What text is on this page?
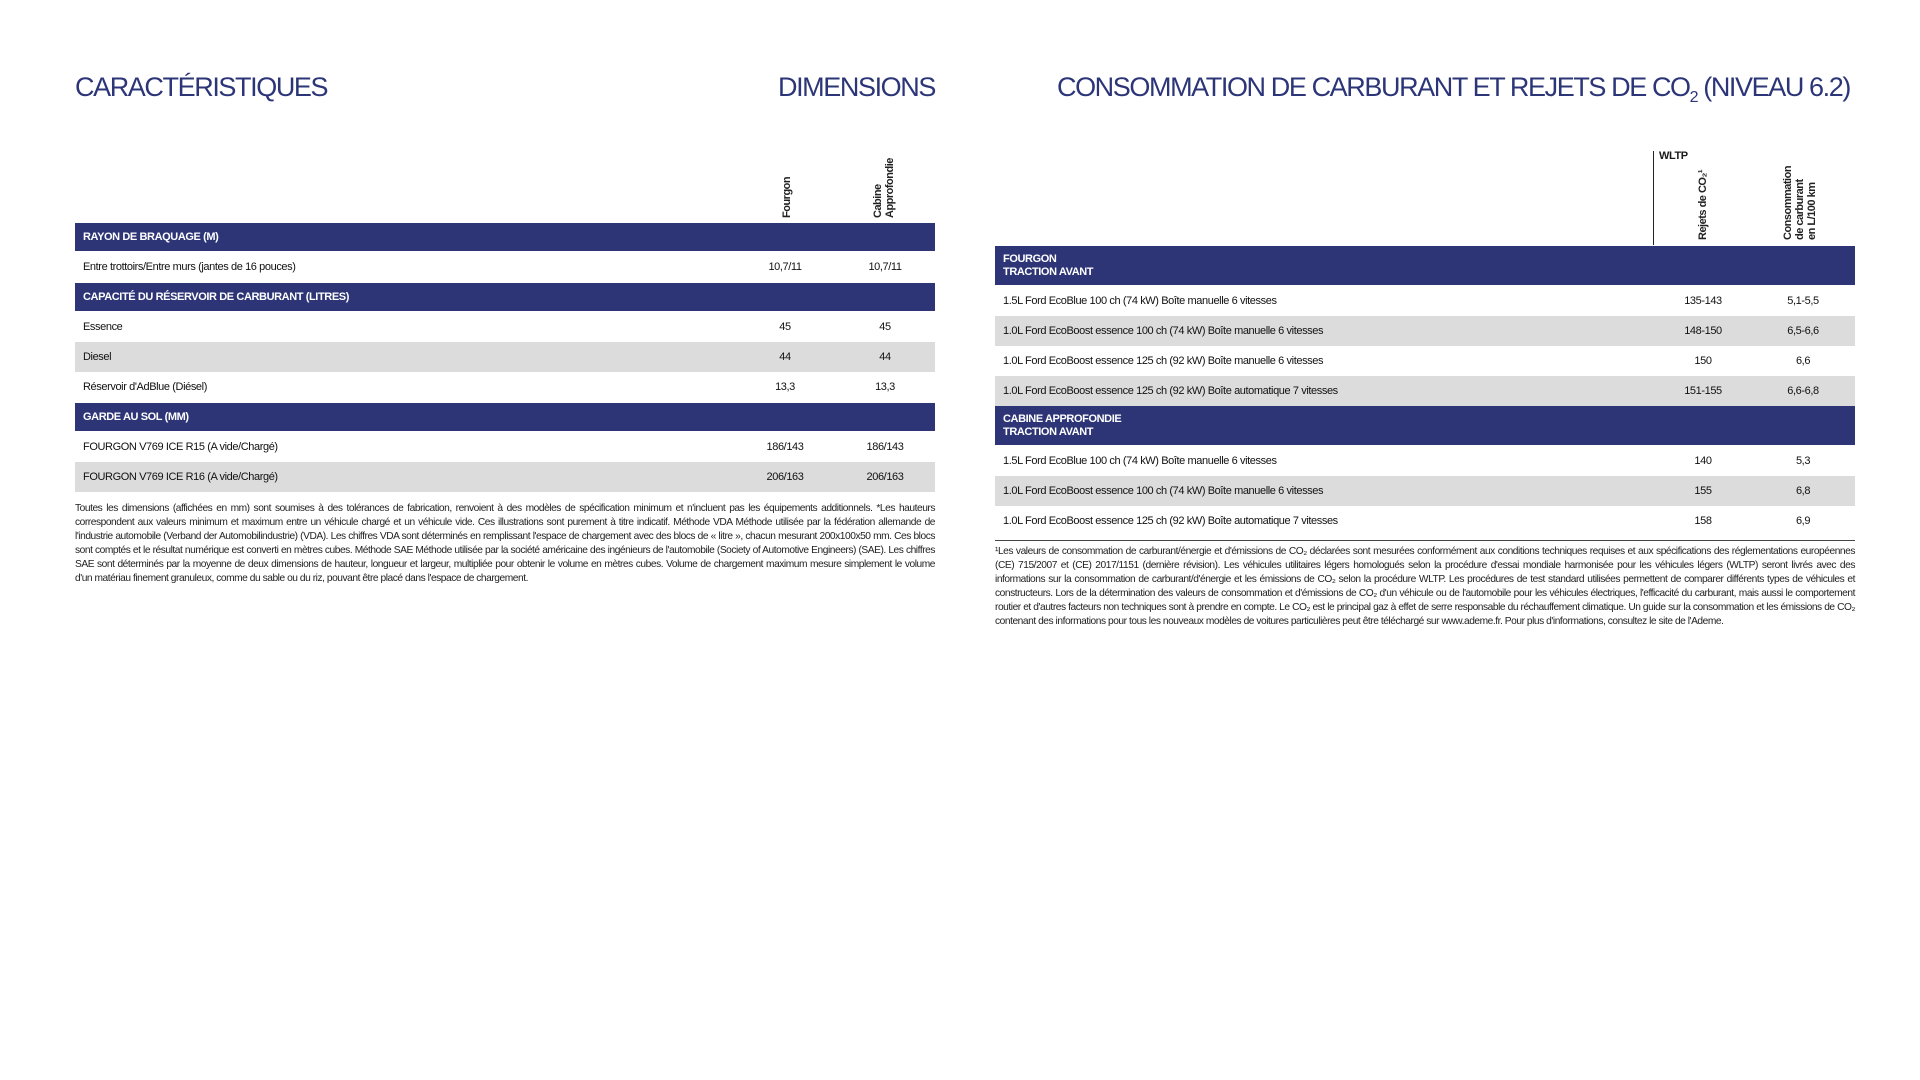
CARACTÉRISTIQUES	DIMENSIONS
Fourgon	Cabine
Approfondie
RAYON DE BRAQUAGE (M)
Entre trottoirs/Entre murs (jantes de 16 pouces)	10,7/11	10,7/11
CAPACITÉ DU RÉSERVOIR DE CARBURANT (LITRES)
Essence	45	45
Diesel	44	44
Réservoir d'AdBlue (Diésel)	13,3	13,3
GARDE AU SOL (MM)
FOURGON V769 ICE R15 (A vide/Chargé)	186/143	186/143
FOURGON V769 ICE R16 (A vide/Chargé)	206/163	206/163
Toutes les dimensions (affichées en mm) sont soumises à des tolérances de fabrication, renvoient à des modèles de spécification minimum et n'incluent pas les équipements additionnels. *Les hauteurs correspondent aux valeurs minimum et maximum entre un véhicule chargé et un véhicule vide. Ces illustrations sont purement à titre indicatif. Méthode VDA Méthode utilisée par la fédération allemande de l'industrie automobile (Verband der Automobilindustrie) (VDA). Les chiffres VDA sont déterminés en remplissant l'espace de chargement avec des blocs de « litre », chacun mesurant 200x100x50 mm. Ces blocs sont comptés et le résultat numérique est converti en mètres cubes. Méthode SAE Méthode utilisée par la société américaine des ingénieurs de l'automobile (Society of Automotive Engineers) (SAE). Les chiffres SAE sont déterminés par la moyenne de deux dimensions de hauteur, longueur et largeur, multipliée pour obtenir le volume en mètres cubes. Volume de chargement maximum mesure simplement le volume d'un matériau finement granuleux, comme du sable ou du riz, pouvant être placé dans l'espace de chargement.
CONSOMMATION DE CARBURANT ET REJETS DE $CO_2$ (NIVEAU 6.2)
WLTP
Rejets de CO₂¹	Consommation
de carburant
en L/100 km
FOURGON
TRACTION AVANT
1.5L Ford EcoBlue 100 ch (74 kW) Boîte manuelle 6 vitesses	135-143	5,1-5,5
1.0L Ford EcoBoost essence 100 ch (74 kW) Boîte manuelle 6 vitesses	148-150	6,5-6,6
1.0L Ford EcoBoost essence 125 ch (92 kW) Boîte manuelle 6 vitesses	150	6,6
1.0L Ford EcoBoost essence 125 ch (92 kW) Boîte automatique 7 vitesses	151-155	6,6-6,8
CABINE APPROFONDIE
TRACTION AVANT
1.5L Ford EcoBlue 100 ch (74 kW) Boîte manuelle 6 vitesses	140	5,3
1.0L Ford EcoBoost essence 100 ch (74 kW) Boîte manuelle 6 vitesses	155	6,8
1.0L Ford EcoBoost essence 125 ch (92 kW) Boîte automatique 7 vitesses	158	6,9
¹Les valeurs de consommation de carburant/énergie et d'émissions de CO₂ déclarées sont mesurées conformément aux conditions techniques requises et aux spécifications des réglementations européennes (CE) 715/2007 et (CE) 2017/1151 (dernière révision). Les véhicules utilitaires légers homologués selon la procédure d'essai mondiale harmonisée pour les véhicules légers (WLTP) seront livrés avec des informations sur la consommation de carburant/d'énergie et les émissions de CO₂ selon la procédure WLTP. Les procédures de test standard utilisées permettent de comparer différents types de véhicules et constructeurs. Lors de la détermination des valeurs de consommation et d'émissions de CO₂ d'un véhicule ou de l'automobile pour les véhicules électriques, l'efficacité du carburant, mais aussi le comportement routier et d'autres facteurs non techniques sont à prendre en compte. Le CO₂ est le principal gaz à effet de serre responsable du réchauffement climatique. Un guide sur la consommation et les émissions de CO₂ contenant des informations pour tous les nouveaux modèles de voitures particulières peut être téléchargé sur www.ademe.fr. Pour plus d'informations, consultez le site de l'Ademe.
